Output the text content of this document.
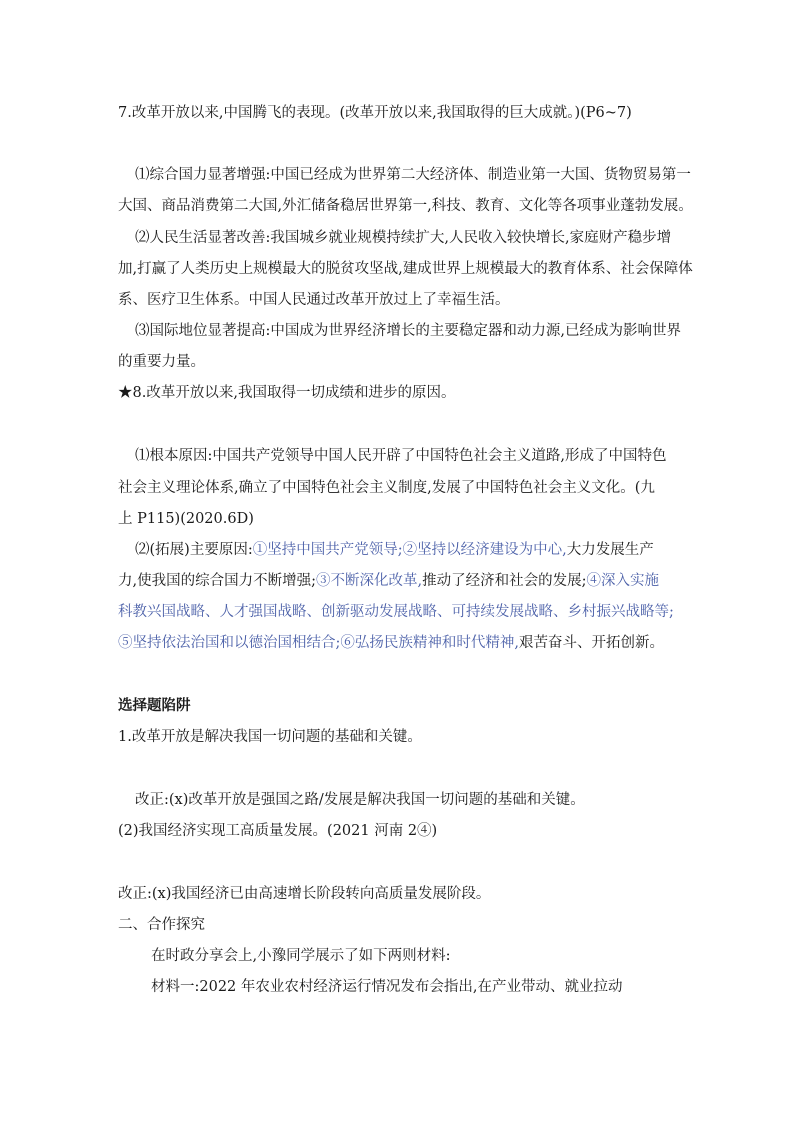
7.改革开放以来,中国腾飞的表现。(改革开放以来,我国取得的巨大成就。)(P6~7)
⑴综合国力显著增强:中国已经成为世界第二大经济体、制造业第一大国、货物贸易第一
大国、商品消费第二大国,外汇储备稳居世界第一,科技、教育、文化等各项事业蓬勃发展。
⑵人民生活显著改善:我国城乡就业规模持续扩大,人民收入较快增长,家庭财产稳步增
加,打赢了人类历史上规模最大的脱贫攻坚战,建成世界上规模最大的教育体系、社会保障体
系、医疗卫生体系。中国人民通过改革开放过上了幸福生活。
⑶国际地位显著提高:中国成为世界经济增长的主要稳定器和动力源,已经成为影响世界
的重要力量。
★8.改革开放以来,我国取得一切成绩和进步的原因。
⑴根本原因:中国共产党领导中国人民开辟了中国特色社会主义道路,形成了中国特色
社会主义理论体系,确立了中国特色社会主义制度,发展了中国特色社会主义文化。(九
上 P115)(2020.6D)
⑵(拓展)主要原因:①坚持中国共产党领导;②坚持以经济建设为中心,大力发展生产
力,使我国的综合国力不断增强;③不断深化改革,推动了经济和社会的发展;④深入实施
科教兴国战略、人才强国战略、创新驱动发展战略、可持续发展战略、乡村振兴战略等;
⑤坚持依法治国和以德治国相结合;⑥弘扬民族精神和时代精神,艰苦奋斗、开拓创新。
选择题陷阱
1.改革开放是解决我国一切问题的基础和关键。
改正:(x)改革开放是强国之路/发展是解决我国一切问题的基础和关键。
(2)我国经济实现工高质量发展。(2021 河南 2④)
改正:(x)我国经济已由高速增长阶段转向高质量发展阶段。
二、合作探究
在时政分享会上,小豫同学展示了如下两则材料:
材料一:2022 年农业农村经济运行情况发布会指出,在产业带动、就业拉动
